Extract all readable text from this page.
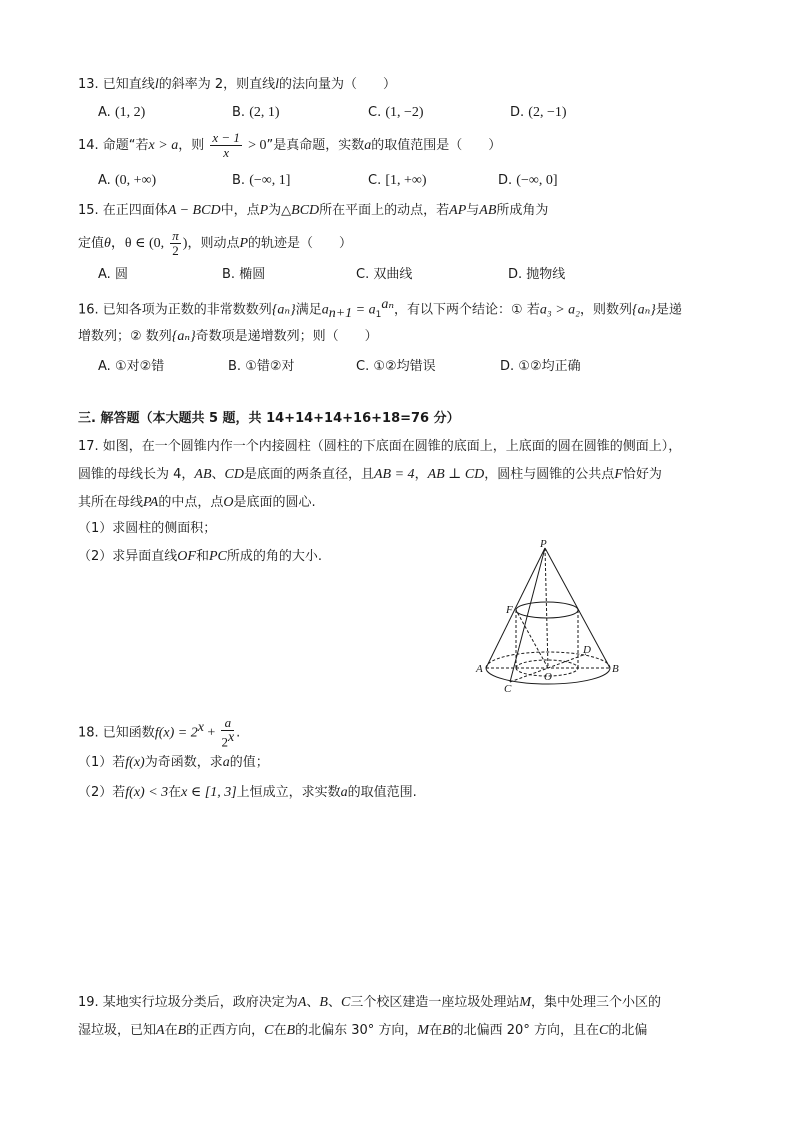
13. 已知直线l的斜率为 2，则直线l的法向量为（　　）
A. (1, 2)	B. (2, 1)	C. (1, −2)	D. (2, −1)
14. 命题“若x > a，则 $\frac{x - 1}{x} > 0$”是真命题，实数a的取值范围是（　　）
A. (0, +∞)	B. (−∞, 1]	C. [1, +∞)	D. (−∞, 0]
15. 在正四面体A − BCD中，点P为△BCD所在平面上的动点，若AP与AB所成角为
定值θ，θ ∈ (0, $\frac{\pi}{2}$ )，则动点P的轨迹是（　　）
A. 圆	B. 椭圆	C. 双曲线	D. 抛物线
16. 已知各项为正数的非常数数列{aₙ}满足$a_{n+1} = a_1^{a_n}$，有以下两个结论：① 若a₃ > a₂，则数列{aₙ}是递
增数列；② 数列{aₙ}奇数项是递增数列；则（　　）
A. ①对②错	B. ①错②对	C. ①②均错误	D. ①②均正确
三. 解答题（本大题共 5 题，共 14+14+14+16+18=76 分）
17. 如图，在一个圆锥内作一个内接圆柱（圆柱的下底面在圆锥的底面上，上底面的圆在圆锥的侧面上），
圆锥的母线长为 4，AB、CD是底面的两条直径，且AB = 4，AB ⊥ CD，圆柱与圆锥的公共点F恰好为
其所在母线PA的中点，点O是底面的圆心.
（1）求圆柱的侧面积；
（2）求异面直线OF和PC所成的角的大小.
P
F
A	B
C
D
O
18. 已知函数$f(x) = 2^x + \frac{a}{2^x}$ .
（1）若f(x)为奇函数，求a的值；
（2）若f(x) < 3在x ∈ [1, 3]上恒成立，求实数a的取值范围.
19. 某地实行垃圾分类后，政府决定为A、B、C三个校区建造一座垃圾处理站M，集中处理三个小区的
湿垃圾，已知A在B的正西方向，C在B的北偏东 30° 方向，M在B的北偏西 20° 方向，且在C的北偏
